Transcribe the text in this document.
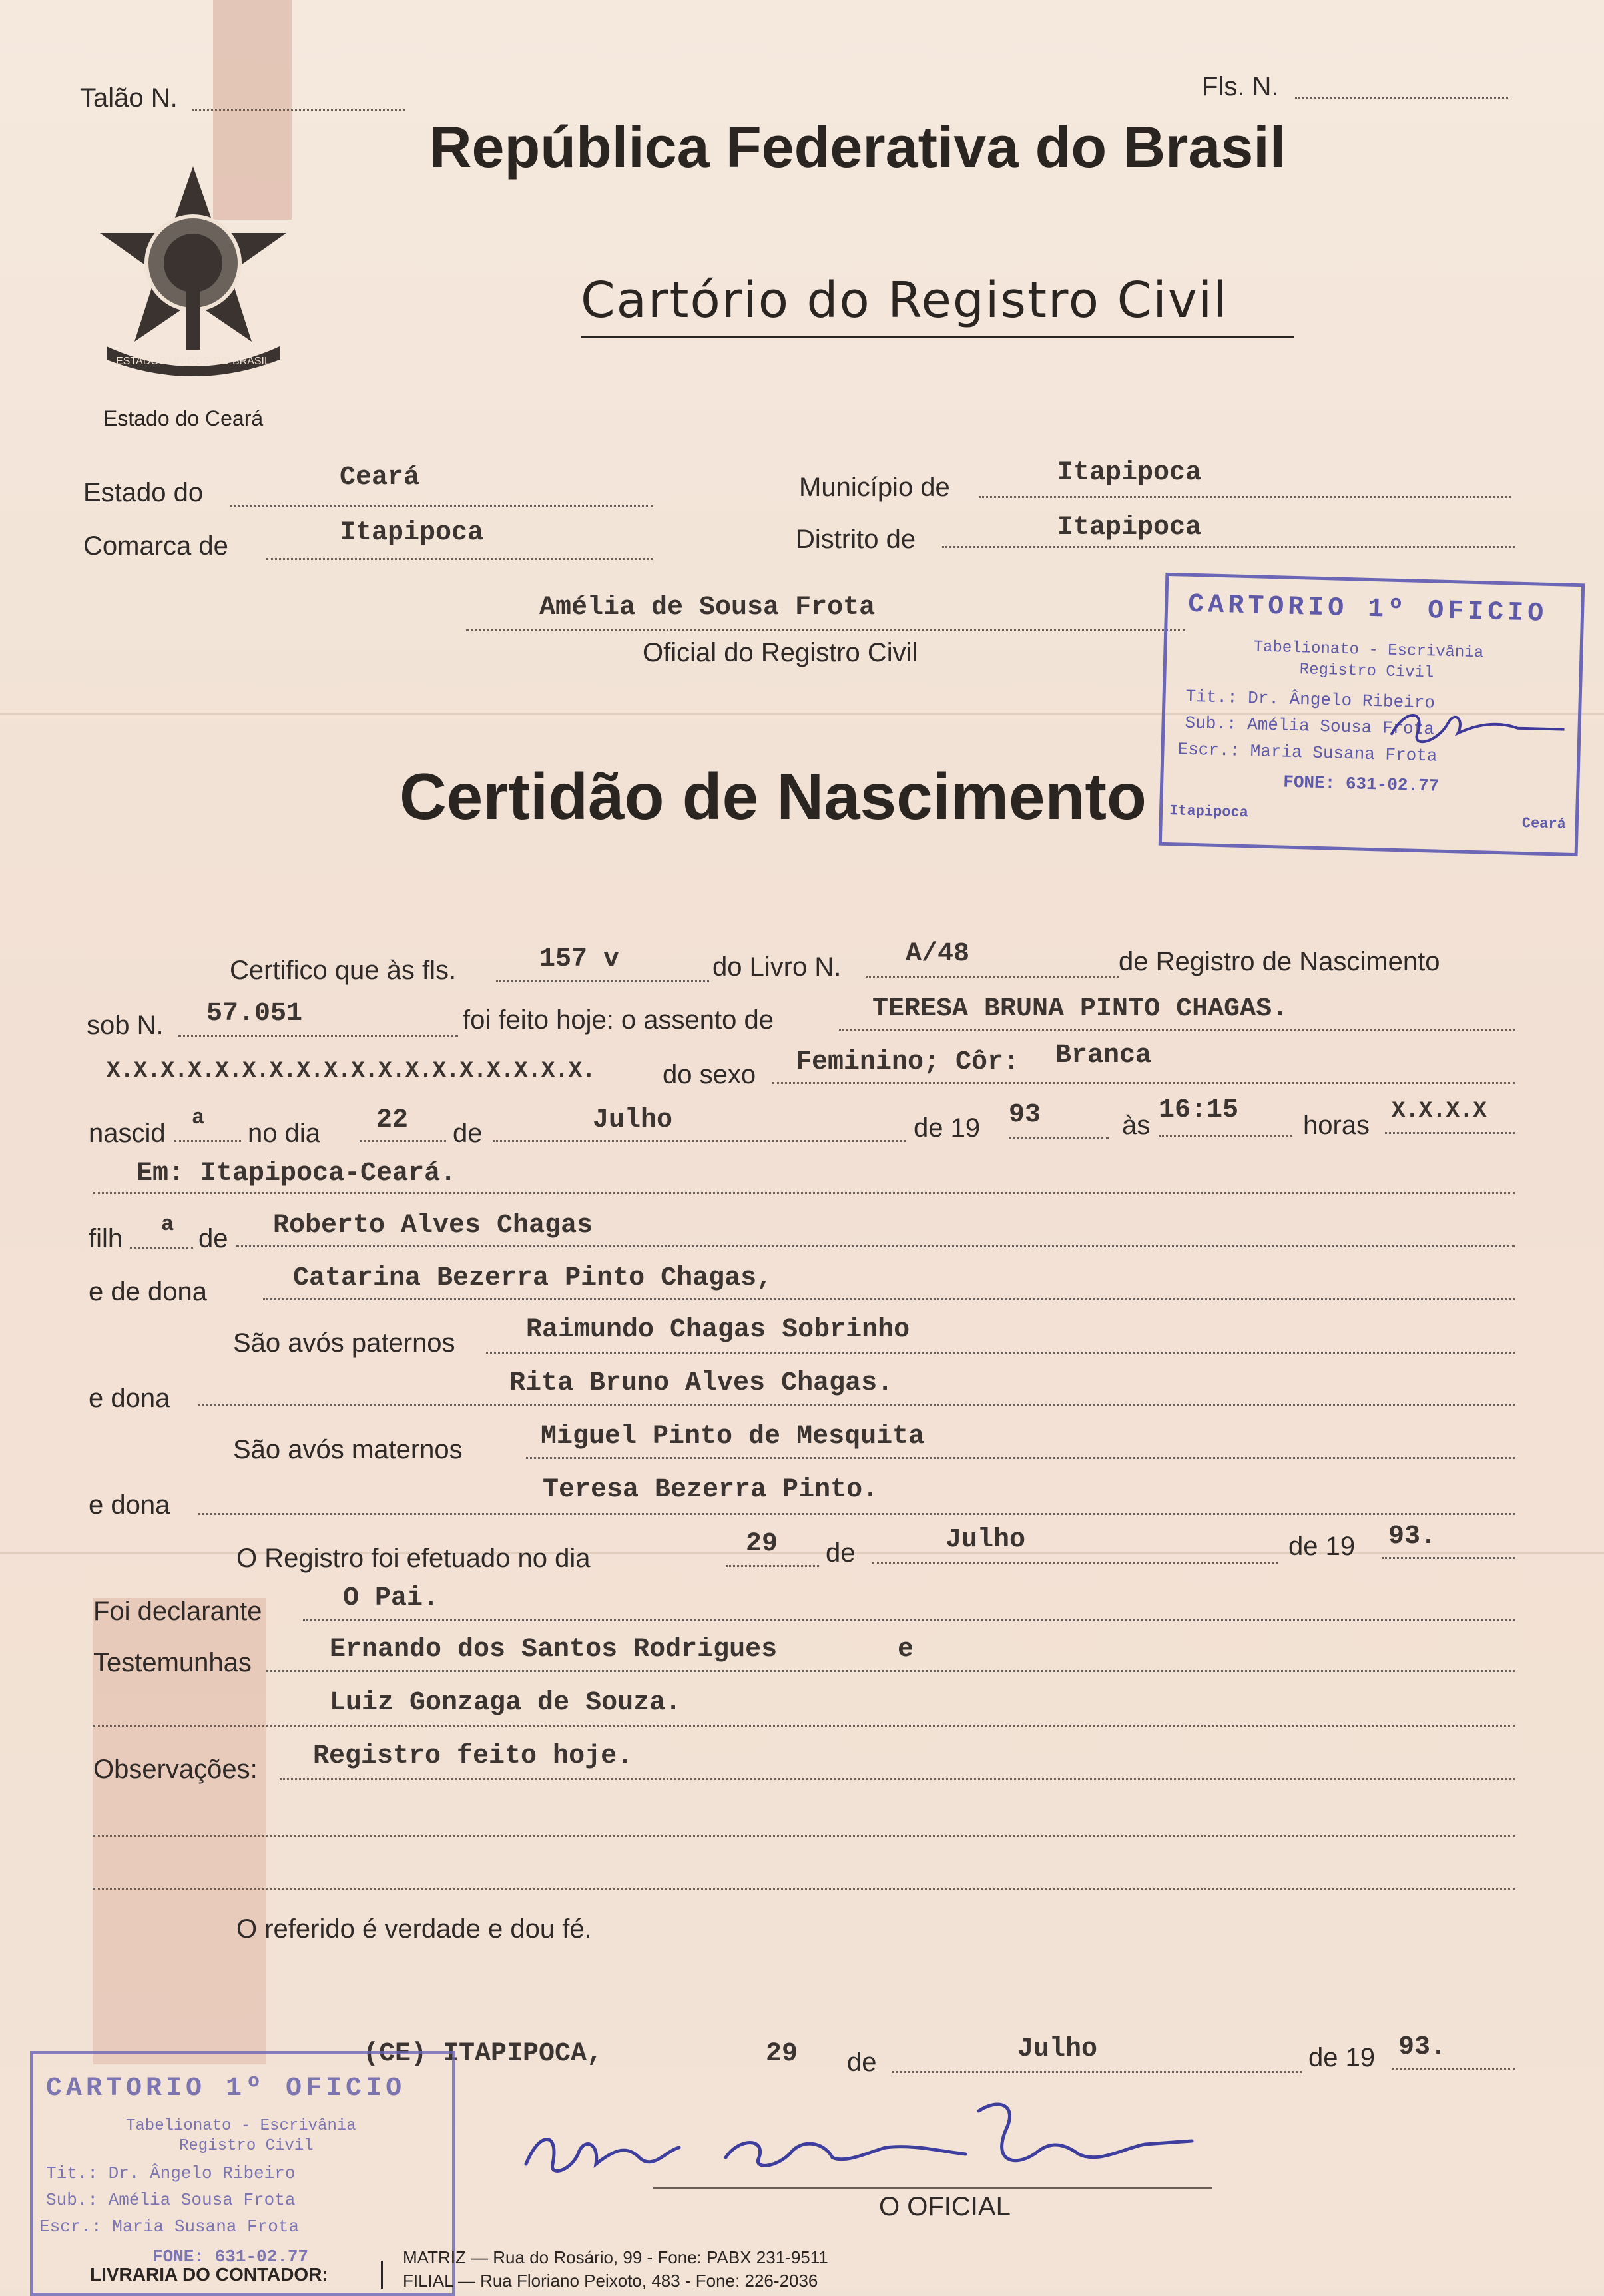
Talão N.	Fls. N.
República Federativa do Brasil
Cartório do Registro Civil
ESTADOS UNIDOS DO BRASIL
Estado do Ceará
Estado do	Ceará	Município de	Itapipoca
Comarca de	Itapipoca	Distrito de	Itapipoca
Amélia de Sousa Frota
Oficial do Registro Civil
CARTORIO 1º OFICIO
Tabelionato - Escrivânia
Registro Civil
Tit.: Dr. Ângelo Ribeiro
Sub.: Amélia Sousa Frota
Escr.: Maria Susana Frota
FONE: 631-02.77
Itapipoca
Ceará
Certidão de Nascimento
Certifico que às fls.	157 v	do Livro N. A/48	de Registro de Nascimento
sob N. 57.051	foi feito hoje: o assento de	TERESA BRUNA PINTO CHAGAS.
X.X.X.X.X.X.X.X.X.X.X.X.X.X.X.X.X.X.	do sexo Feminino; Côr: Branca
nascid
a
no dia 22 de	Julho	de 19 93	às 16:15 horas X.X.X.X
Em: Itapipoca-Ceará.
filh a de Roberto Alves Chagas
e de dona	Catarina Bezerra Pinto Chagas,
São avós paternos	Raimundo Chagas Sobrinho
e dona	Rita Bruno Alves Chagas.
São avós maternos	Miguel Pinto de Mesquita
e dona	Teresa Bezerra Pinto.
O Registro foi efetuado no dia	29 de	Julho	de 19 93.
Foi declarante	O Pai.
Testemunhas	Ernando dos Santos Rodrigues	e
Luiz Gonzaga de Souza.
Observações: Registro feito hoje.
O referido é verdade e dou fé.
(CE) ITAPIPOCA,	29 de	Julho	de 19 93.
O OFICIAL
CARTORIO 1º OFICIO
Tabelionato - Escrivânia
Registro Civil
Tit.: Dr. Ângelo Ribeiro
Sub.: Amélia Sousa Frota
Escr.: Maria Susana Frota
FONE: 631-02.77
LIVRARIA DO CONTADOR:
MATRIZ — Rua do Rosário, 99 - Fone: PABX 231-9511
FILIAL — Rua Floriano Peixoto, 483 - Fone: 226-2036
